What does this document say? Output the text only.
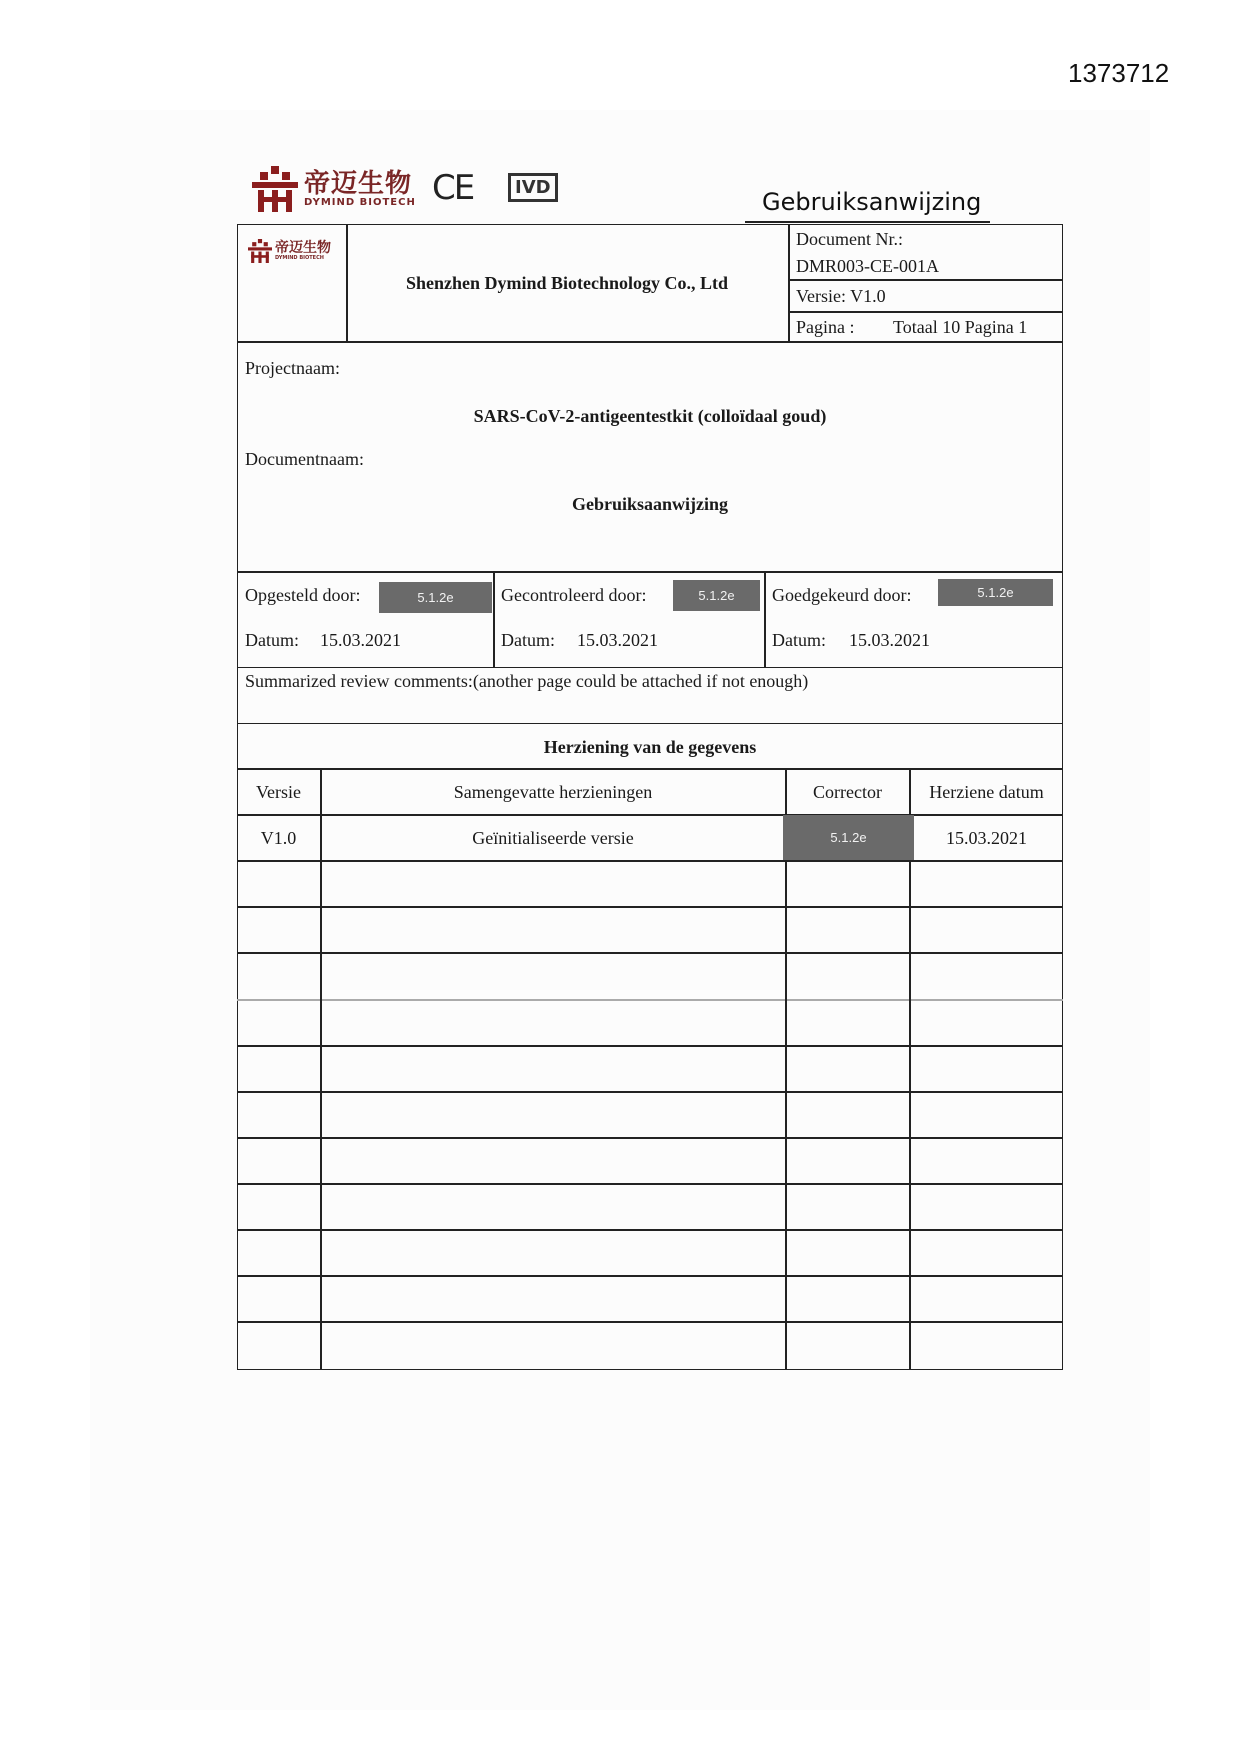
1373712
帝迈生物
DYMIND BIOTECH CE	IVD
Gebruiksanwijzing
帝迈生物
DYMIND BIOTECH
Shenzhen Dymind Biotechnology Co., Ltd
Document Nr.:
DMR003-CE-001A
Versie: V1.0
Pagina : Totaal 10 Pagina 1
Projectnaam:
SARS-CoV-2-antigeentestkit (colloïdaal goud)
Documentnaam:
Gebruiksaanwijzing
Opgesteld door:	5.1.2e	Gecontroleerd door:	5.1.2e	Goedgekeurd door:	5.1.2e
Datum: 15.03.2021	Datum: 15.03.2021	Datum: 15.03.2021
Summarized review comments:(another page could be attached if not enough)
Herziening van de gegevens
Versie	Samengevatte herzieningen	Corrector	Herziene datum
V1.0	Geïnitialiseerde versie	5.1.2e	15.03.2021
